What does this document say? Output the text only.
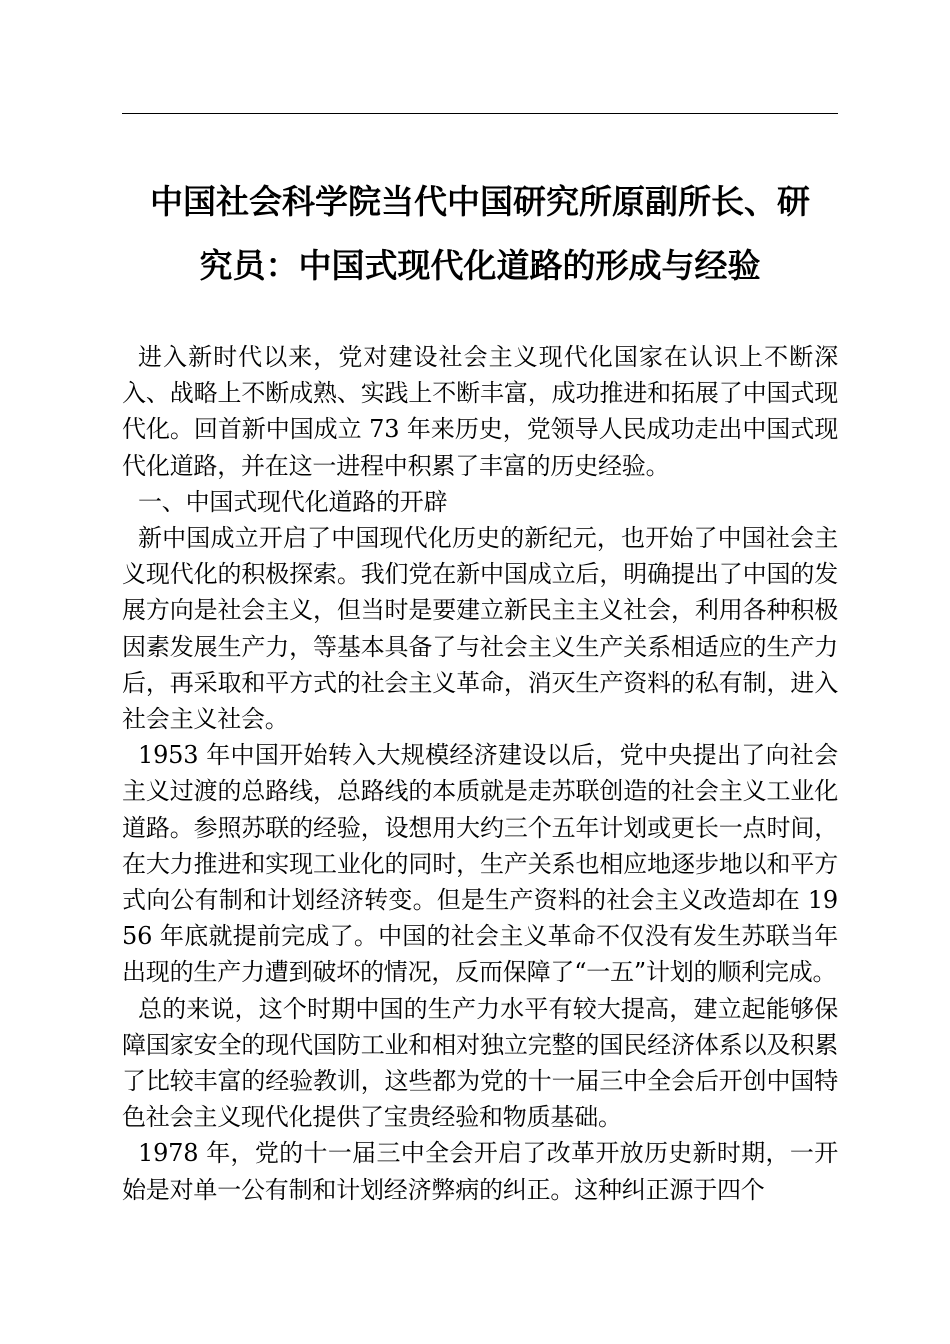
中国社会科学院当代中国研究所原副所长、研
究员：中国式现代化道路的形成与经验

进入新时代以来，党对建设社会主义现代化国家在认识上不断深入、战略上不断成熟、实践上不断丰富，成功推进和拓展了中国式现代化。回首新中国成立 73 年来历史，党领导人民成功走出中国式现代化道路，并在这一进程中积累了丰富的历史经验。

一、中国式现代化道路的开辟

新中国成立开启了中国现代化历史的新纪元，也开始了中国社会主义现代化的积极探索。我们党在新中国成立后，明确提出了中国的发展方向是社会主义，但当时是要建立新民主主义社会，利用各种积极因素发展生产力，等基本具备了与社会主义生产关系相适应的生产力后，再采取和平方式的社会主义革命，消灭生产资料的私有制，进入社会主义社会。

1953 年中国开始转入大规模经济建设以后，党中央提出了向社会主义过渡的总路线，总路线的本质就是走苏联创造的社会主义工业化道路。参照苏联的经验，设想用大约三个五年计划或更长一点时间，在大力推进和实现工业化的同时，生产关系也相应地逐步地以和平方式向公有制和计划经济转变。但是生产资料的社会主义改造却在 1956 年底就提前完成了。中国的社会主义革命不仅没有发生苏联当年出现的生产力遭到破坏的情况，反而保障了“一五”计划的顺利完成。

总的来说，这个时期中国的生产力水平有较大提高，建立起能够保障国家安全的现代国防工业和相对独立完整的国民经济体系以及积累了比较丰富的经验教训，这些都为党的十一届三中全会后开创中国特色社会主义现代化提供了宝贵经验和物质基础。

1978 年，党的十一届三中全会开启了改革开放历史新时期，一开始是对单一公有制和计划经济弊病的纠正。这种纠正源于四个
